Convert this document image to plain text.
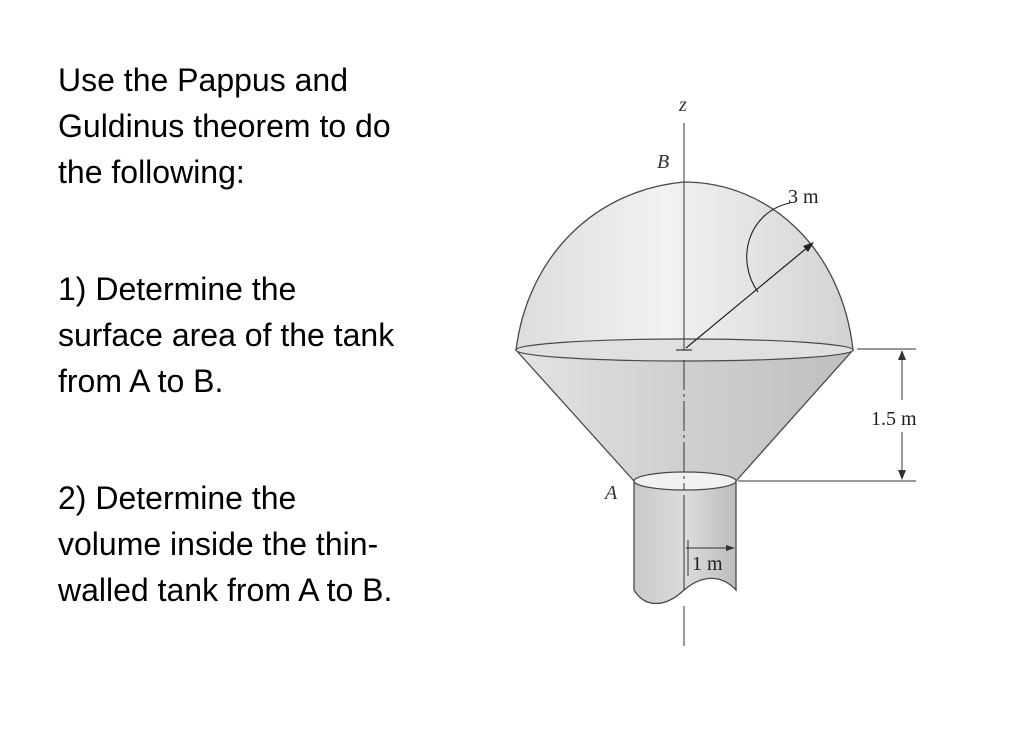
Use the Pappus and
Guldinus theorem to do
the following:
1) Determine the
surface area of the tank
from A to B.
2) Determine the
volume inside the thin-
walled tank from A to B.
z
B
A
3 m
1.5 m
1 m
